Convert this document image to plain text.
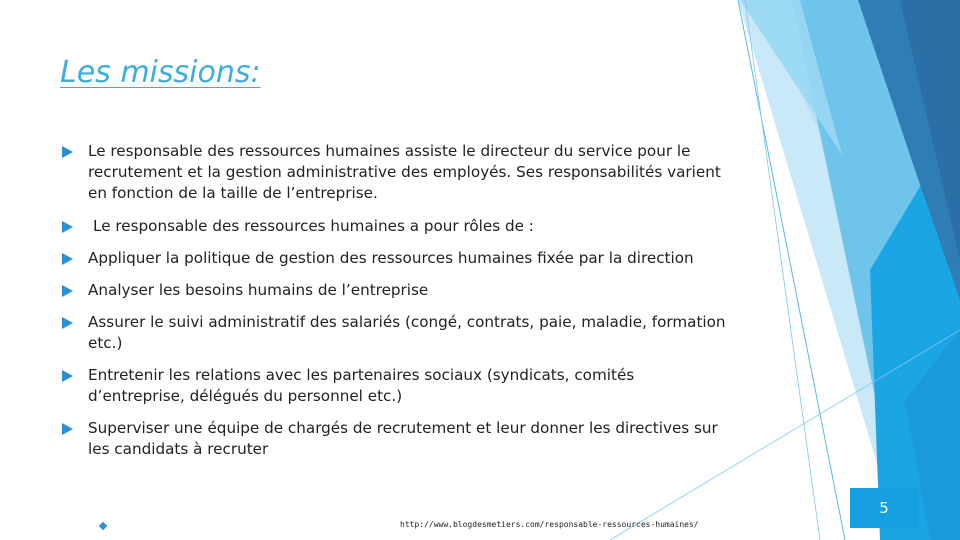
Les missions:
Le responsable des ressources humaines assiste le directeur du service pour le recrutement et la gestion administrative des employés. Ses responsabilités varient en fonction de la taille de l’entreprise.
Le responsable des ressources humaines a pour rôles de :
Appliquer la politique de gestion des ressources humaines fixée par la direction
Analyser les besoins humains de l’entreprise
Assurer le suivi administratif des salariés (congé, contrats, paie, maladie, formation etc.)
Entretenir les relations avec les partenaires sociaux (syndicats, comités d’entreprise, délégués du personnel etc.)
Superviser une équipe de chargés de recrutement et leur donner les directives sur les candidats à recruter
5
http://www.blogdesmetiers.com/responsable-ressources-humaines/
